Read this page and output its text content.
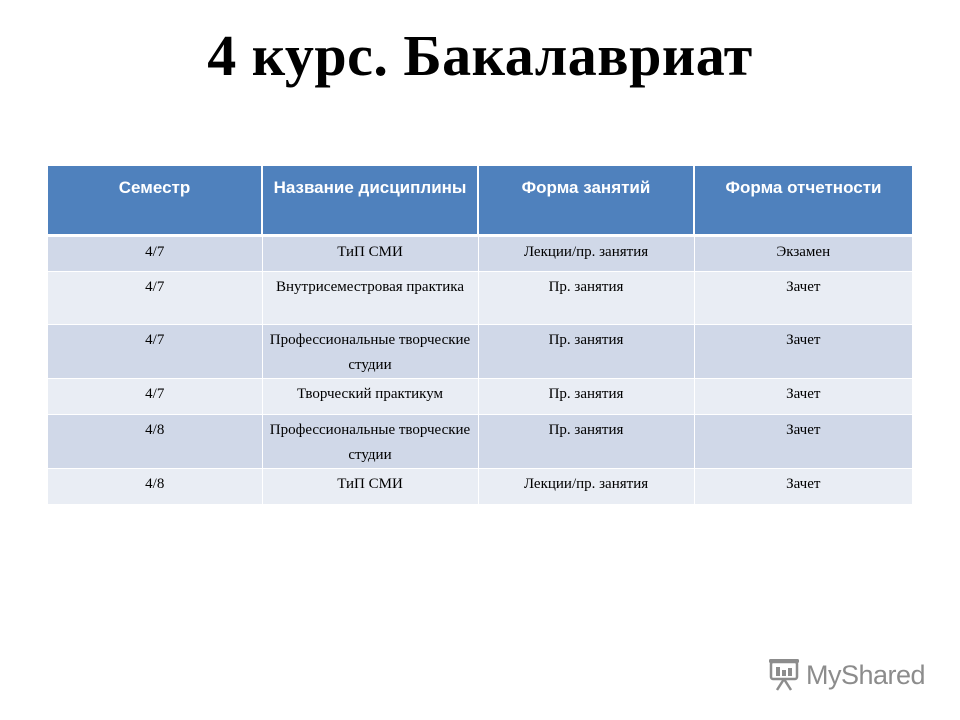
4 курс. Бакалавриат
Семестр	Название дисциплины	Форма занятий	Форма отчетности
4/7	ТиП СМИ	Лекции/пр. занятия	Экзамен
4/7	Внутрисеместровая практика	Пр. занятия	Зачет
4/7	Профессиональные творческие студии	Пр. занятия	Зачет
4/7	Творческий практикум	Пр. занятия	Зачет
4/8	Профессиональные творческие студии	Пр. занятия	Зачет
4/8	ТиП СМИ	Лекции/пр. занятия	Зачет
MyShared
